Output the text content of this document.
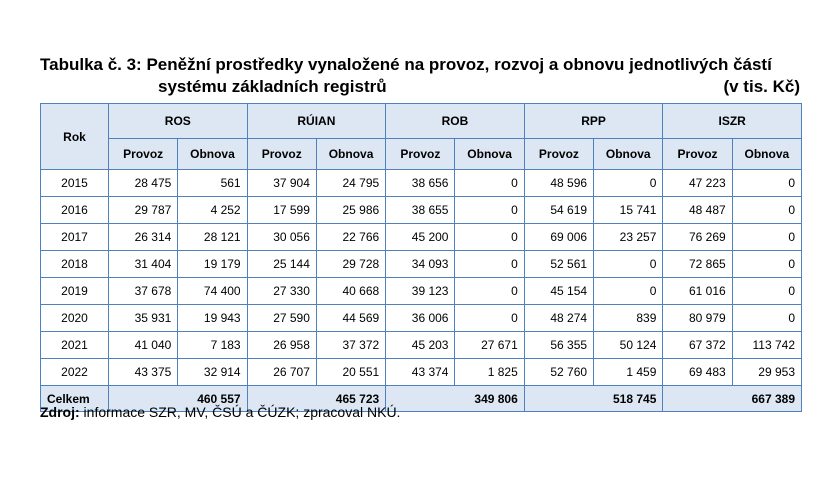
Tabulka č. 3: Peněžní prostředky vynaložené na provoz, rozvoj a obnovu jednotlivých částí
systému základních registrů	(v tis. Kč)
Rok	ROS		RÚIAN		ROB		RPP		ISZR	
	Provoz	Obnova	Provoz	Obnova	Provoz	Obnova	Provoz	Obnova	Provoz	Obnova
2015	28 475	561	37 904	24 795	38 656	0	48 596	0	47 223	0
2016	29 787	4 252	17 599	25 986	38 655	0	54 619	15 741	48 487	0
2017	26 314	28 121	30 056	22 766	45 200	0	69 006	23 257	76 269	0
2018	31 404	19 179	25 144	29 728	34 093	0	52 561	0	72 865	0
2019	37 678	74 400	27 330	40 668	39 123	0	45 154	0	61 016	0
2020	35 931	19 943	27 590	44 569	36 006	0	48 274	839	80 979	0
2021	41 040	7 183	26 958	37 372	45 203	27 671	56 355	50 124	67 372	113 742
2022	43 375	32 914	26 707	20 551	43 374	1 825	52 760	1 459	69 483	29 953
Celkem	460 557		465 723		349 806		518 745		667 389	
Zdroj: informace SZR, MV, ČSÚ a ČÚZK; zpracoval NKÚ.
